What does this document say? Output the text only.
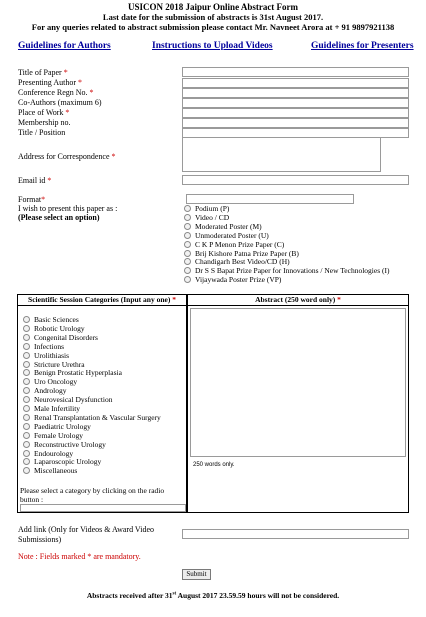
USICON 2018 Jaipur Online Abstract Form
Last date for the submission of abstracts is 31st August 2017.
For any queries related to abstract submission please contact Mr. Navneet Arora at + 91 9897921138
Guidelines for Authors	Instructions to Upload Videos	Guidelines for Presenters
Title of Paper *
Presenting Author *
Conference Regn No. *
Co-Authors (maximum 6)
Place of Work *
Membership no.
Title / Position
Address for Correspondence *
Email id *
Format*
I wish to present this paper as :
(Please select an option)
Podium (P)
Video / CD
Moderated Poster (M)
Unmoderated Poster (U)
C K P Menon Prize Paper (C)
Brij Kishore Patna Prize Paper (B)
Chandigarh Best Video/CD (H)
Dr S S Bapat Prize Paper for Innovations / New Technologies (I)
Vijaywada Poster Prize (VP)
Scientific Session Categories (Input any one) *
Basic Sciences
Robotic Urology
Congenital Disorders
Infections
Urolithiasis
Stricture Urethra
Benign Prostatic Hyperplasia
Uro Oncology
Andrology
Neurovesical Dysfunction
Male Infertility
Renal Transplantation & Vascular Surgery
Paediatric Urology
Female Urology
Reconstructive Urology
Endourology
Laparoscopic Urology
Miscellaneous
Please select a category by clicking on the radio
button :
Abstract (250 word only) *
250 words only.
Add link (Only for Videos & Award Video
Submissions)
Note : Fields marked * are mandatory.
Submit
Abstracts received after 31st August 2017 23.59.59 hours will not be considered.
